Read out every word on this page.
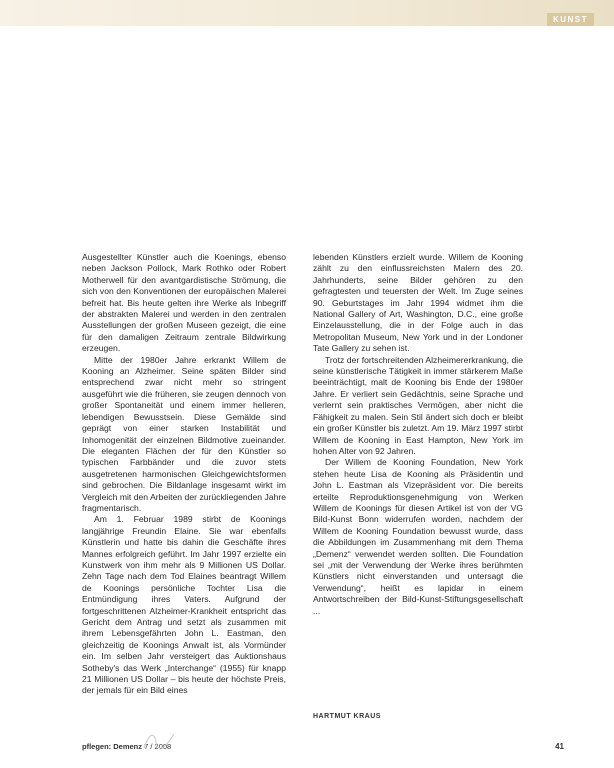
KUNST

Ausgestellter Künstler auch die Koenings, ebenso neben Jackson Pollock, Mark Rothko oder Robert Motherwell für den avantgardistische Strömung, die sich von den Konventionen der europäischen Malerei befreit hat. Bis heute gelten ihre Werke als Inbegriff der abstrakten Malerei und werden in den zentralen Ausstellungen der großen Museen gezeigt, die eine für den damaligen Zeitraum zentrale Bildwirkung erzeugen.

Mitte der 1980er Jahre erkrankt Willem de Kooning an Alzheimer. Seine späten Bilder sind entsprechend zwar nicht mehr so stringent ausgeführt wie die früheren, sie zeugen dennoch von großer Spontaneität und einem immer helleren, lebendigen Bewusstsein. Diese Gemälde sind geprägt von einer starken Instabilität und Inhomogenität der einzelnen Bildmotive zueinander. Die eleganten Flächen der für den Künstler so typischen Farbbänder und die zuvor stets ausgetretenen harmonischen Gleichgewichtsformen sind gebrochen. Die Bildanlage insgesamt wirkt im Vergleich mit den Arbeiten der zurückliegenden Jahre fragmentarisch.

Am 1. Februar 1989 stirbt de Koonings langjährige Freundin Elaine. Sie war ebenfalls Künstlerin und hatte bis dahin die Geschäfte ihres Mannes erfolgreich geführt. Im Jahr 1997 erzielte ein Kunstwerk von ihm mehr als 9 Millionen US Dollar. Zehn Tage nach dem Tod Elaines beantragt Willem de Koonings persönliche Tochter Lisa die Entmündigung ihres Vaters. Aufgrund der fortgeschrittenen Alzheimer-Krankheit entspricht das Gericht dem Antrag und setzt als zusammen mit ihrem Lebensgefährten John L. Eastman, den gleichzeitig de Koonings Anwalt ist, als Vormünder ein. Im selben Jahr versteigert das Auktionshaus Sotheby's das Werk „Interchange“ (1955) für knapp 21 Millionen US Dollar – bis heute der höchste Preis, der jemals für ein Bild eines

lebenden Künstlers erzielt wurde. Willem de Kooning zählt zu den einflussreichsten Malern des 20. Jahrhunderts, seine Bilder gehören zu den gefragtesten und teuersten der Welt. Im Zuge seines 90. Geburtstages im Jahr 1994 widmet ihm die National Gallery of Art, Washington, D.C., eine große Einzelausstellung, die in der Folge auch in das Metropolitan Museum, New York und in der Londoner Tate Gallery zu sehen ist.

Trotz der fortschreitenden Alzheimererkrankung, die seine künstlerische Tätigkeit in immer stärkerem Maße beeinträchtigt, malt de Kooning bis Ende der 1980er Jahre. Er verliert sein Gedächtnis, seine Sprache und verlernt sein praktisches Vermögen, aber nicht die Fähigkeit zu malen. Sein Stil ändert sich doch er bleibt ein großer Künstler bis zuletzt. Am 19. März 1997 stirbt Willem de Kooning in East Hampton, New York im hohen Alter von 92 Jahren.

Der Willem de Kooning Foundation, New York stehen heute Lisa de Kooning als Präsidentin und John L. Eastman als Vizepräsident vor. Die bereits erteilte Reproduktionsgenehmigung von Werken Willem de Koonings für diesen Artikel ist von der VG Bild-Kunst Bonn widerrufen worden, nachdem der Willem de Kooning Foundation bewusst wurde, dass die Abbildungen im Zusammenhang mit dem Thema „Demenz“ verwendet werden sollten. Die Foundation sei „mit der Verwendung der Werke ihres berühmten Künstlers nicht einverstanden und untersagt die Verwendung“, heißt es lapidar in einem Antwortschreiben der Bild-Kunst-Stiftungsgesellschaft ...

HARTMUT KRAUS
pflegen: Demenz 7 / 2008	41
